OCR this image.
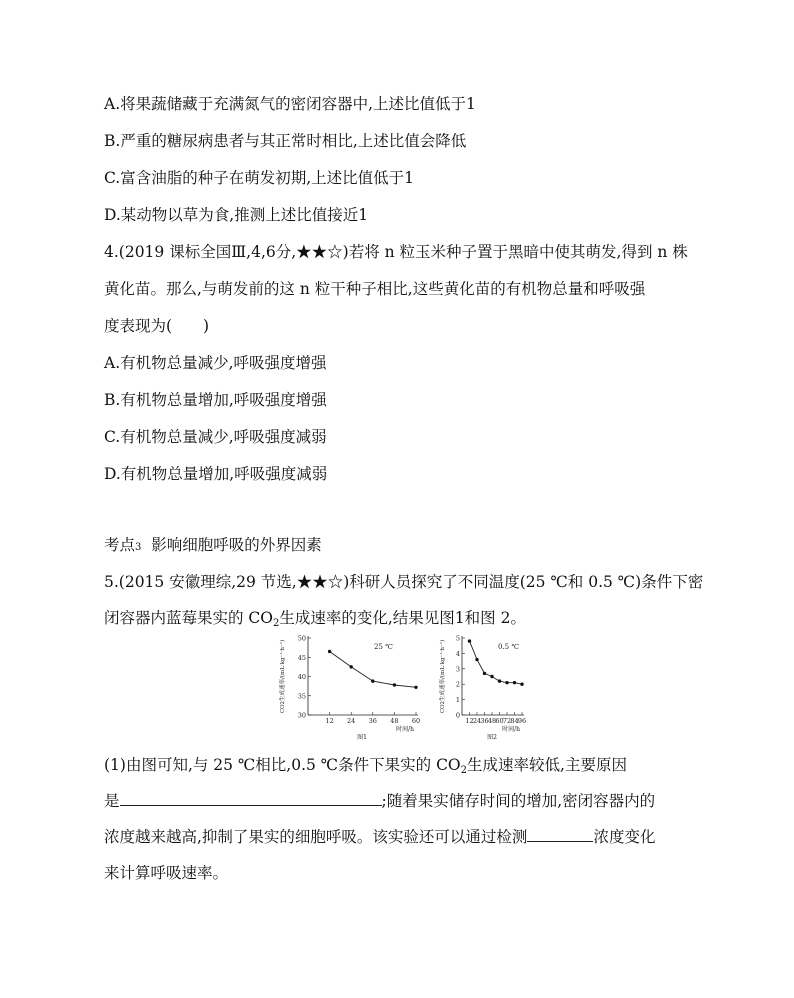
A.将果蔬储藏于充满氮气的密闭容器中,上述比值低于1
B.严重的糖尿病患者与其正常时相比,上述比值会降低
C.富含油脂的种子在萌发初期,上述比值低于1
D.某动物以草为食,推测上述比值接近1
4.(2019 课标全国Ⅲ,4,6分,★★☆)若将 n 粒玉米种子置于黑暗中使其萌发,得到 n 株
黄化苗。那么,与萌发前的这 n 粒干种子相比,这些黄化苗的有机物总量和呼吸强
度表现为(　　)
A.有机物总量减少,呼吸强度增强
B.有机物总量增加,呼吸强度增强
C.有机物总量减少,呼吸强度减弱
D.有机物总量增加,呼吸强度减弱
考点3 影响细胞呼吸的外界因素
5.(2015 安徽理综,29 节选,★★☆)科研人员探究了不同温度(25 ℃和 0.5 ℃)条件下密
闭容器内蓝莓果实的 $CO_2$生成速率的变化,结果见图1和图 2。
30
35
40
45
50
12 24 36 48 60
25 ℃
时间/h
图1
CO2生成速率/(mL·kg⁻¹·h⁻¹)
0
1
2
3
4
5
12 24 36 48 60 72 84 96
0.5 ℃
时间/h
图2
CO2生成速率/(mL·kg⁻¹·h⁻¹)
(1)由图可知,与 25 ℃相比,0.5 ℃条件下果实的 $CO_2$生成速率较低,主要原因
是	;随着果实储存时间的增加,密闭容器内的
浓度越来越高,抑制了果实的细胞呼吸。该实验还可以通过检测	浓度变化
来计算呼吸速率。
